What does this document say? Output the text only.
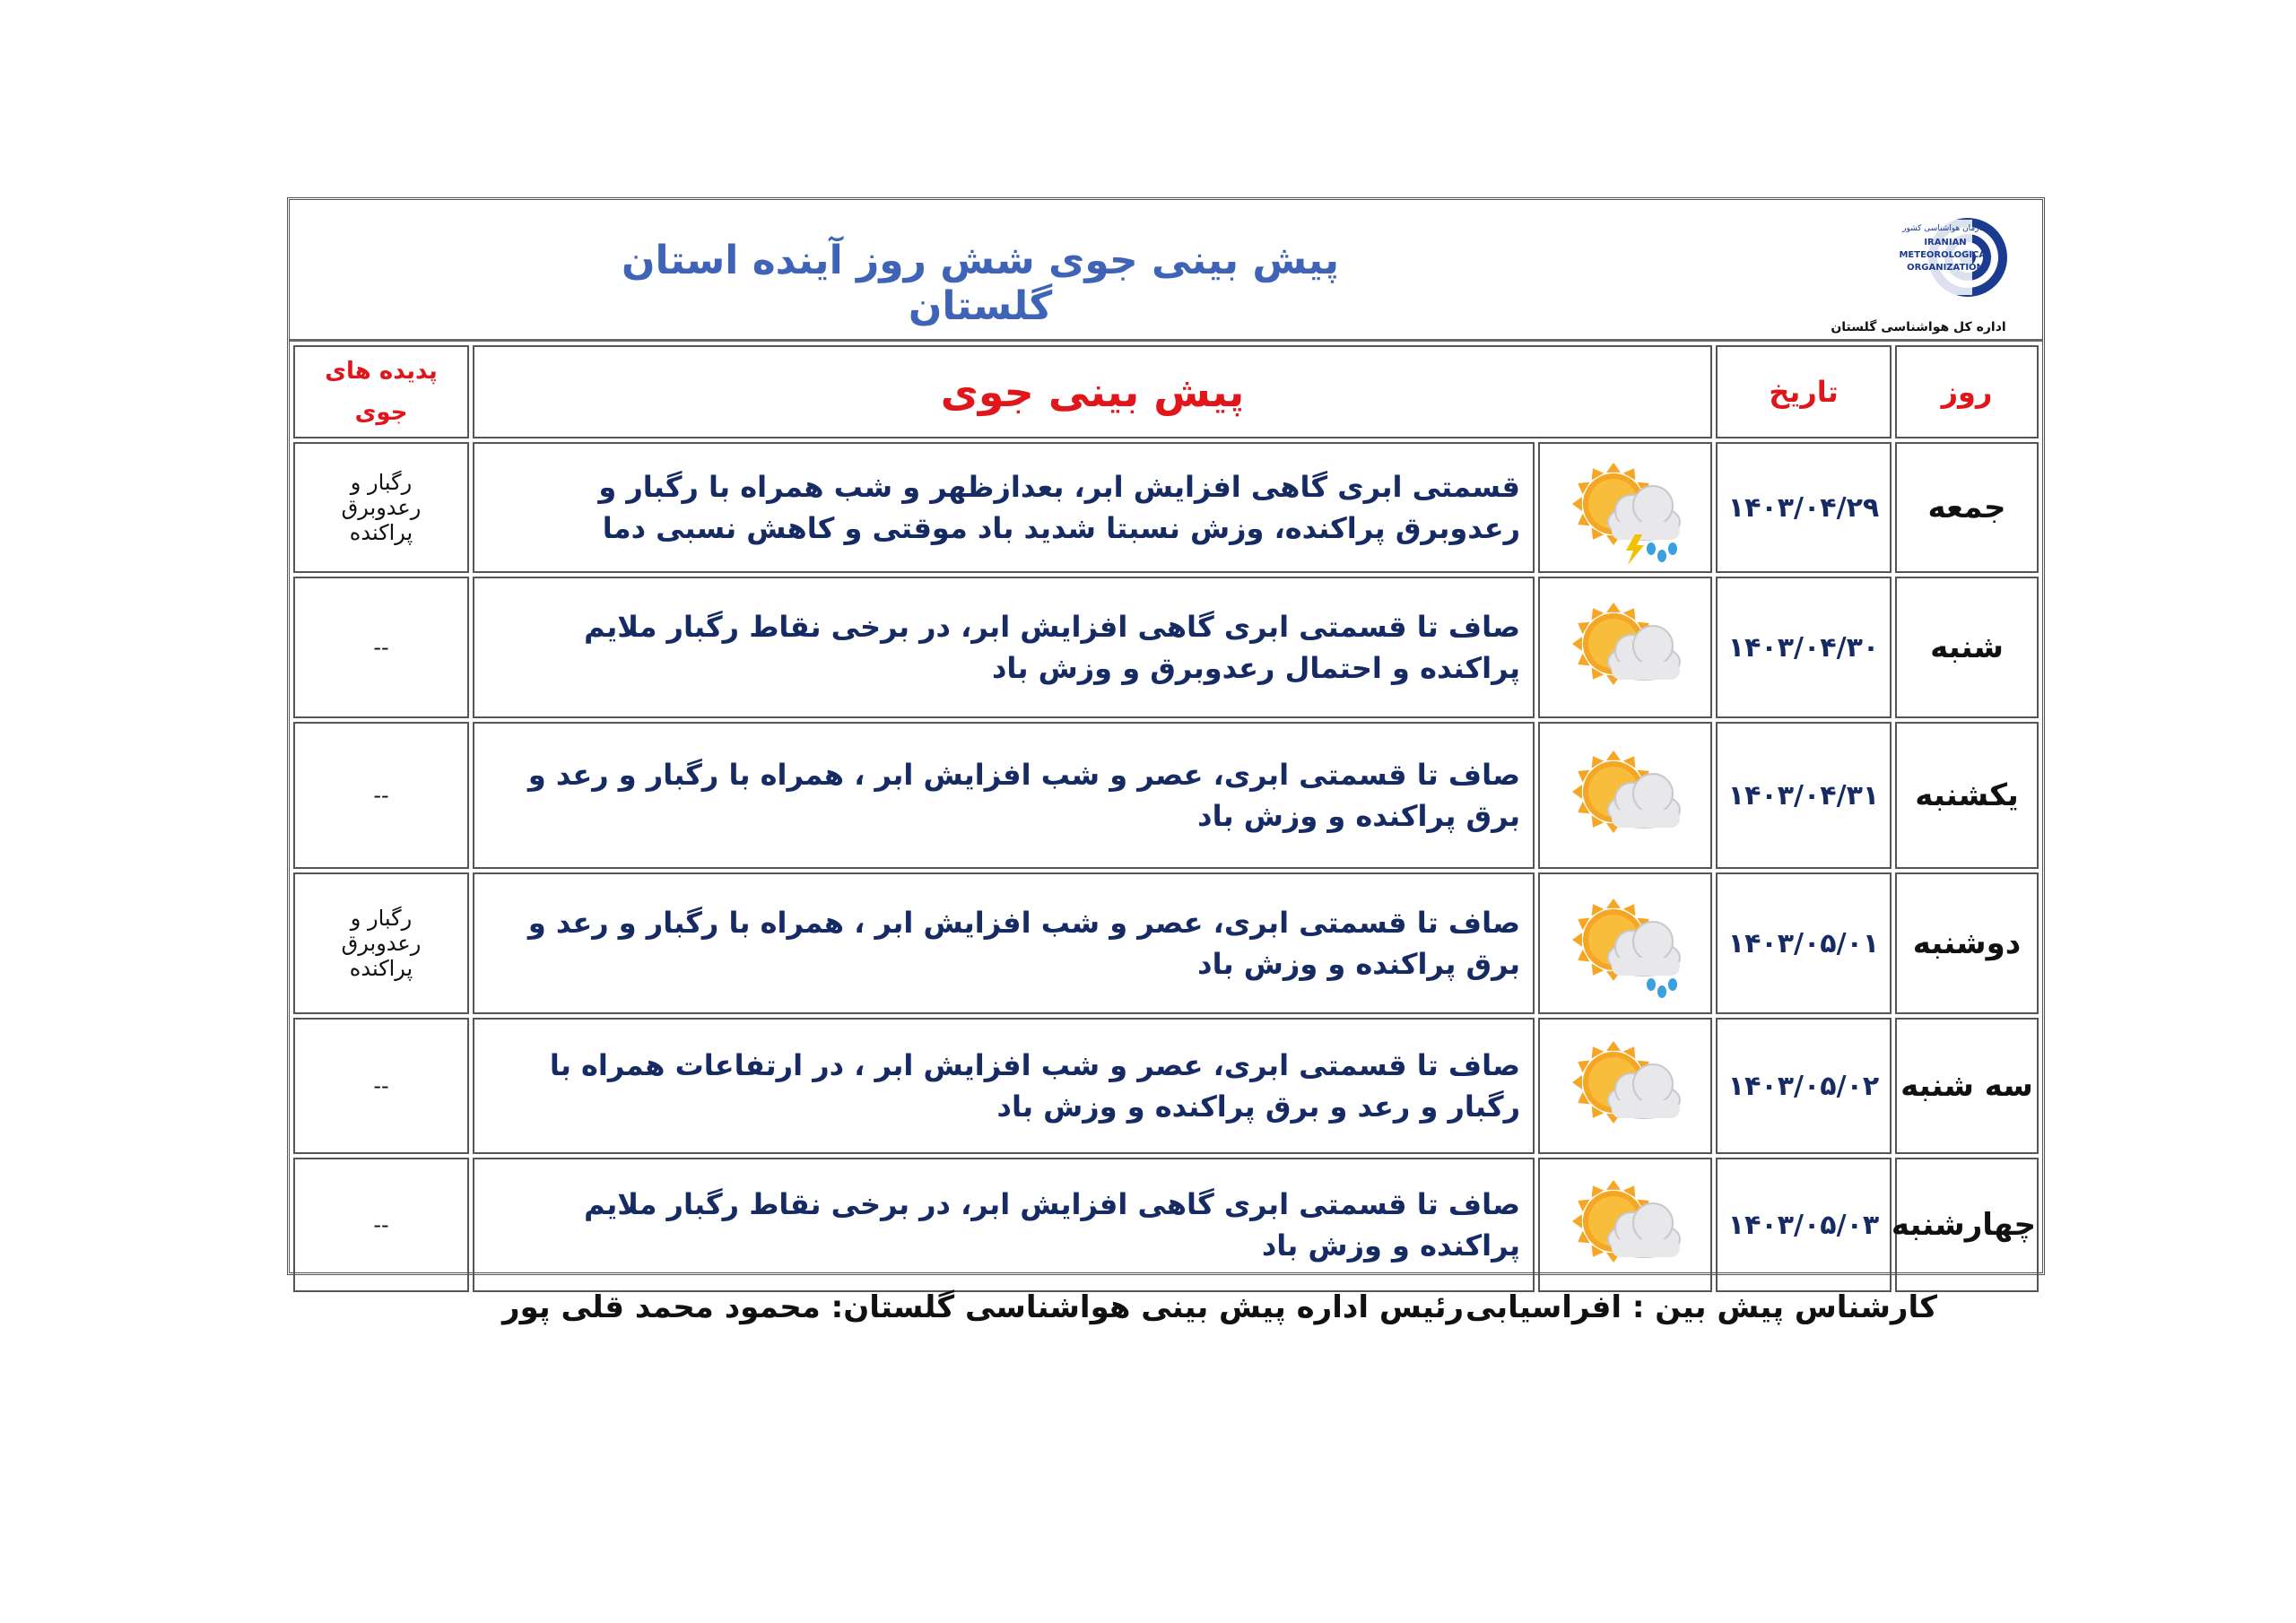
پیش بینی جوی شش روز آینده استان گلستان
سازمان هواشناسی کشور
IRANIAN
METEOROLOGICAL
ORGANIZATION
اداره کل هواشناسی گلستان
روز	تاریخ	پیش بینی جوی		پدیده های
جوی

جمعه	۱۴۰۳/۰۴/۲۹		قسمتی ابری گاهی افزایش ابر، بعدازظهر و شب همراه با رگبار و رعدوبرق پراکنده، وزش نسبتا شدید باد موقتی و کاهش نسبی دما	رگبار و
رعدوبرق
پراکنده

شنبه	۱۴۰۳/۰۴/۳۰		صاف تا قسمتی ابری گاهی افزایش ابر، در برخی نقاط رگبار ملایم پراکنده و احتمال رعدوبرق و وزش باد	--

یکشنبه	۱۴۰۳/۰۴/۳۱		صاف تا قسمتی ابری، عصر و شب افزایش ابر ، همراه با رگبار و رعد و برق پراکنده و وزش باد	--

دوشنبه	۱۴۰۳/۰۵/۰۱		صاف تا قسمتی ابری، عصر و شب افزایش ابر ، همراه با رگبار و رعد و برق پراکنده و وزش باد	رگبار و
رعدوبرق
پراکنده

سه شنبه	۱۴۰۳/۰۵/۰۲		صاف تا قسمتی ابری، عصر و شب افزایش ابر ، در ارتفاعات همراه با رگبار و رعد و برق پراکنده و وزش باد	--

چهارشنبه	۱۴۰۳/۰۵/۰۳		صاف تا قسمتی ابری گاهی افزایش ابر، در برخی نقاط رگبار ملایم پراکنده و وزش باد	--
کارشناس پیش بین : افراسیابی
رئیس اداره پیش بینی هواشناسی گلستان: محمود محمد قلی پور
